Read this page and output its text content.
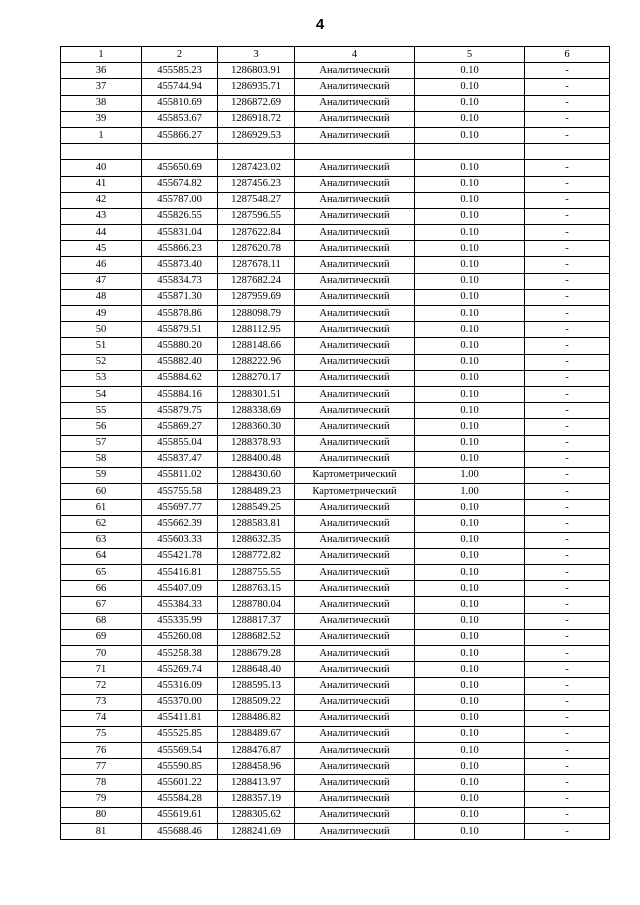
4
1	2	3	4	5	6
36	455585.23	1286803.91	Аналитический	0.10	-
37	455744.94	1286935.71	Аналитический	0.10	-
38	455810.69	1286872.69	Аналитический	0.10	-
39	455853.67	1286918.72	Аналитический	0.10	-
1	455866.27	1286929.53	Аналитический	0.10	-

40	455650.69	1287423.02	Аналитический	0.10	-
41	455674.82	1287456.23	Аналитический	0.10	-
42	455787.00	1287548.27	Аналитический	0.10	-
43	455826.55	1287596.55	Аналитический	0.10	-
44	455831.04	1287622.84	Аналитический	0.10	-
45	455866.23	1287620.78	Аналитический	0.10	-
46	455873.40	1287678.11	Аналитический	0.10	-
47	455834.73	1287682.24	Аналитический	0.10	-
48	455871.30	1287959.69	Аналитический	0.10	-
49	455878.86	1288098.79	Аналитический	0.10	-
50	455879.51	1288112.95	Аналитический	0.10	-
51	455880.20	1288148.66	Аналитический	0.10	-
52	455882.40	1288222.96	Аналитический	0.10	-
53	455884.62	1288270.17	Аналитический	0.10	-
54	455884.16	1288301.51	Аналитический	0.10	-
55	455879.75	1288338.69	Аналитический	0.10	-
56	455869.27	1288360.30	Аналитический	0.10	-
57	455855.04	1288378.93	Аналитический	0.10	-
58	455837.47	1288400.48	Аналитический	0.10	-
59	455811.02	1288430.60	Картометрический	1.00	-
60	455755.58	1288489.23	Картометрический	1.00	-
61	455697.77	1288549.25	Аналитический	0.10	-
62	455662.39	1288583.81	Аналитический	0.10	-
63	455603.33	1288632.35	Аналитический	0.10	-
64	455421.78	1288772.82	Аналитический	0.10	-
65	455416.81	1288755.55	Аналитический	0.10	-
66	455407.09	1288763.15	Аналитический	0.10	-
67	455384.33	1288780.04	Аналитический	0.10	-
68	455335.99	1288817.37	Аналитический	0.10	-
69	455260.08	1288682.52	Аналитический	0.10	-
70	455258.38	1288679.28	Аналитический	0.10	-
71	455269.74	1288648.40	Аналитический	0.10	-
72	455316.09	1288595.13	Аналитический	0.10	-
73	455370.00	1288509.22	Аналитический	0.10	-
74	455411.81	1288486.82	Аналитический	0.10	-
75	455525.85	1288489.67	Аналитический	0.10	-
76	455569.54	1288476.87	Аналитический	0.10	-
77	455590.85	1288458.96	Аналитический	0.10	-
78	455601.22	1288413.97	Аналитический	0.10	-
79	455584.28	1288357.19	Аналитический	0.10	-
80	455619.61	1288305.62	Аналитический	0.10	-
81	455688.46	1288241.69	Аналитический	0.10	-
